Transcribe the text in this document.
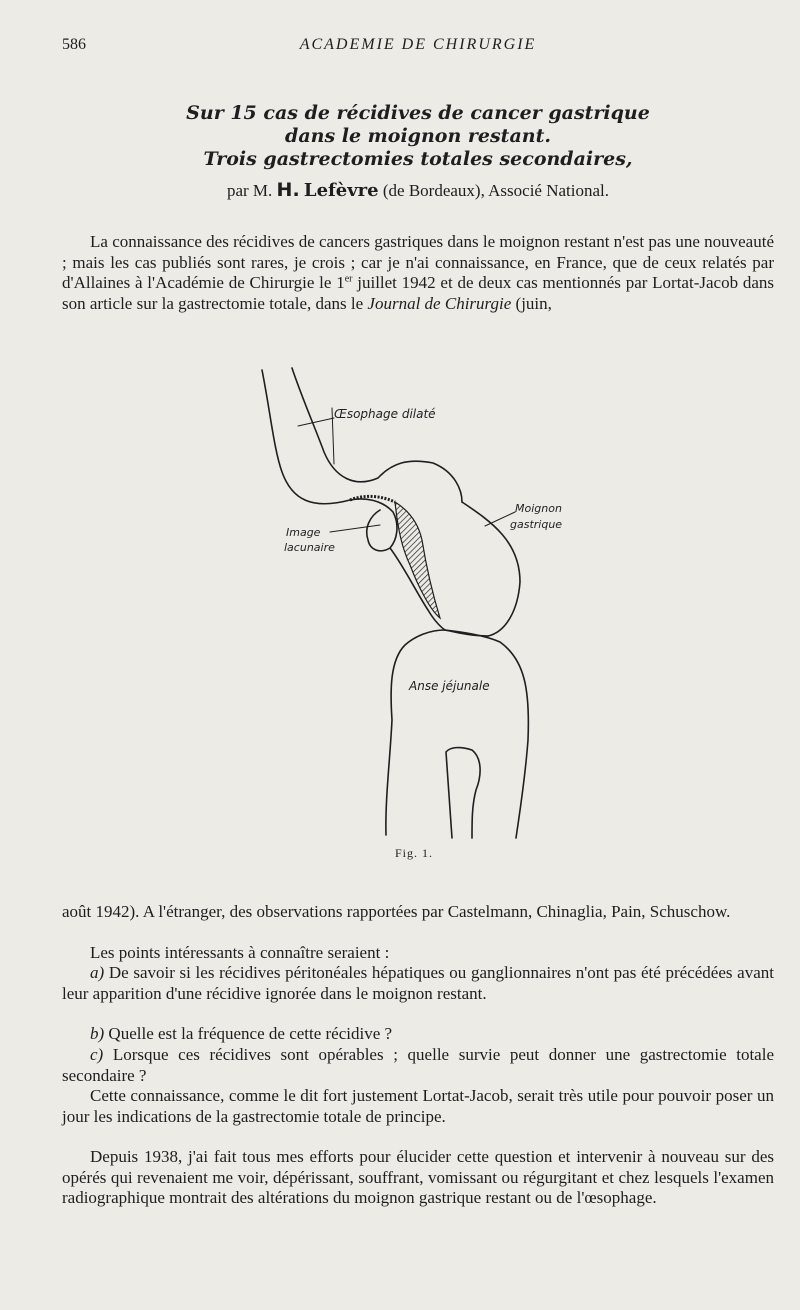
586	ACADEMIE DE CHIRURGIE
Sur 15 cas de récidives de cancer gastrique
dans le moignon restant.
Trois gastrectomies totales secondaires,
par M. H. Lefèvre (de Bordeaux), Associé National.

La connaissance des récidives de cancers gastriques dans le moignon restant n'est pas une nouveauté ; mais les cas publiés sont rares, je crois ; car je n'ai connaissance, en France, que de ceux relatés par d'Allaines à l'Académie de Chirurgie le 1er juillet 1942 et de deux cas mentionnés par Lortat-Jacob dans son article sur la gastrectomie totale, dans le Journal de Chirurgie (juin,

Œsophage dilaté
Moignon
gastrique
Image
lacunaire
Anse jéjunale
Fig. 1.

août 1942). A l'étranger, des observations rapportées par Castelmann, Chinaglia, Pain, Schuschow.

Les points intéressants à connaître seraient :

a) De savoir si les récidives péritonéales hépatiques ou ganglionnaires n'ont pas été précédées avant leur apparition d'une récidive ignorée dans le moignon restant.

b) Quelle est la fréquence de cette récidive ?

c) Lorsque ces récidives sont opérables ; quelle survie peut donner une gastrectomie totale secondaire ?

Cette connaissance, comme le dit fort justement Lortat-Jacob, serait très utile pour pouvoir poser un jour les indications de la gastrectomie totale de principe.

Depuis 1938, j'ai fait tous mes efforts pour élucider cette question et intervenir à nouveau sur des opérés qui revenaient me voir, dépérissant, souffrant, vomissant ou régurgitant et chez lesquels l'examen radiographique montrait des altérations du moignon gastrique restant ou de l'œsophage.
